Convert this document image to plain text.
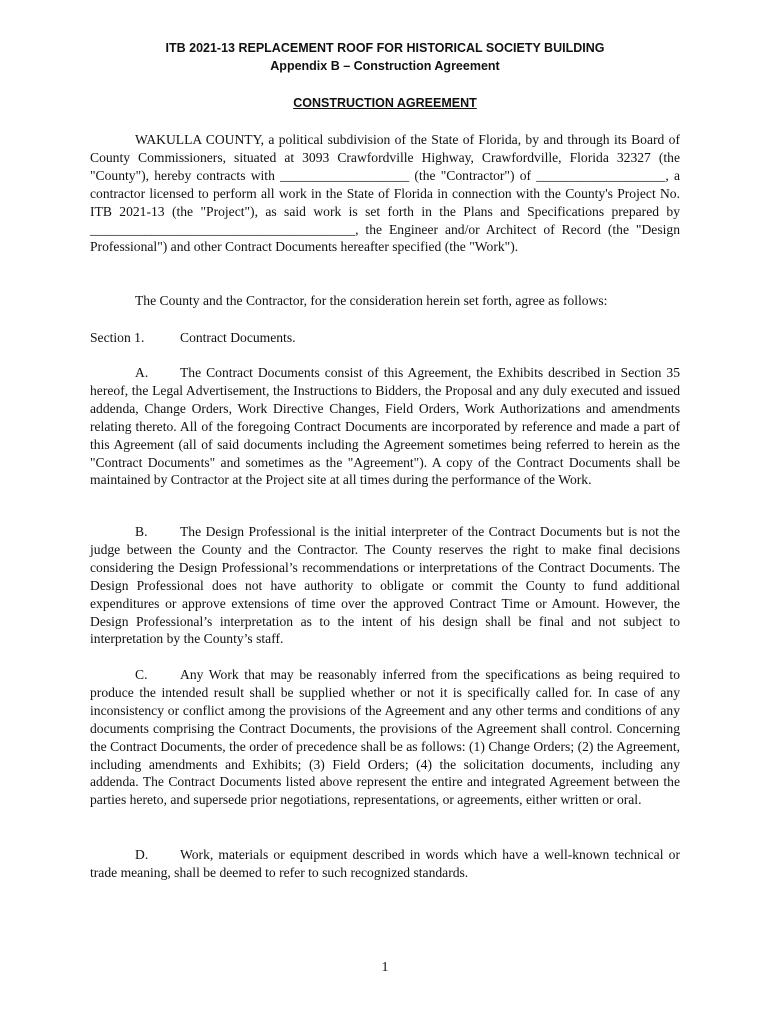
ITB 2021-13 REPLACEMENT ROOF FOR HISTORICAL SOCIETY BUILDING
Appendix B – Construction Agreement
CONSTRUCTION AGREEMENT

WAKULLA COUNTY, a political subdivision of the State of Florida, by and through its Board of County Commissioners, situated at 3093 Crawfordville Highway, Crawfordville, Florida 32327 (the "County"), hereby contracts with ___________________ (the "Contractor") of ___________________, a contractor licensed to perform all work in the State of Florida in connection with the County's Project No. ITB 2021-13 (the "Project"), as said work is set forth in the Plans and Specifications prepared by _______________________________________, the Engineer and/or Architect of Record (the "Design Professional") and other Contract Documents hereafter specified (the "Work").

The County and the Contractor, for the consideration herein set forth, agree as follows:

Section 1.	Contract Documents.

A. The Contract Documents consist of this Agreement, the Exhibits described in Section 35 hereof, the Legal Advertisement, the Instructions to Bidders, the Proposal and any duly executed and issued addenda, Change Orders, Work Directive Changes, Field Orders, Work Authorizations and amendments relating thereto. All of the foregoing Contract Documents are incorporated by reference and made a part of this Agreement (all of said documents including the Agreement sometimes being referred to herein as the "Contract Documents" and sometimes as the "Agreement"). A copy of the Contract Documents shall be maintained by Contractor at the Project site at all times during the performance of the Work.

B. The Design Professional is the initial interpreter of the Contract Documents but is not the judge between the County and the Contractor. The County reserves the right to make final decisions considering the Design Professional’s recommendations or interpretations of the Contract Documents. The Design Professional does not have authority to obligate or commit the County to fund additional expenditures or approve extensions of time over the approved Contract Time or Amount. However, the Design Professional’s interpretation as to the intent of his design shall be final and not subject to interpretation by the County’s staff.

C. Any Work that may be reasonably inferred from the specifications as being required to produce the intended result shall be supplied whether or not it is specifically called for. In case of any inconsistency or conflict among the provisions of the Agreement and any other terms and conditions of any documents comprising the Contract Documents, the provisions of the Agreement shall control. Concerning the Contract Documents, the order of precedence shall be as follows: (1) Change Orders; (2) the Agreement, including amendments and Exhibits; (3) Field Orders; (4) the solicitation documents, including any addenda. The Contract Documents listed above represent the entire and integrated Agreement between the parties hereto, and supersede prior negotiations, representations, or agreements, either written or oral.

D. Work, materials or equipment described in words which have a well-known technical or trade meaning, shall be deemed to refer to such recognized standards.

1
